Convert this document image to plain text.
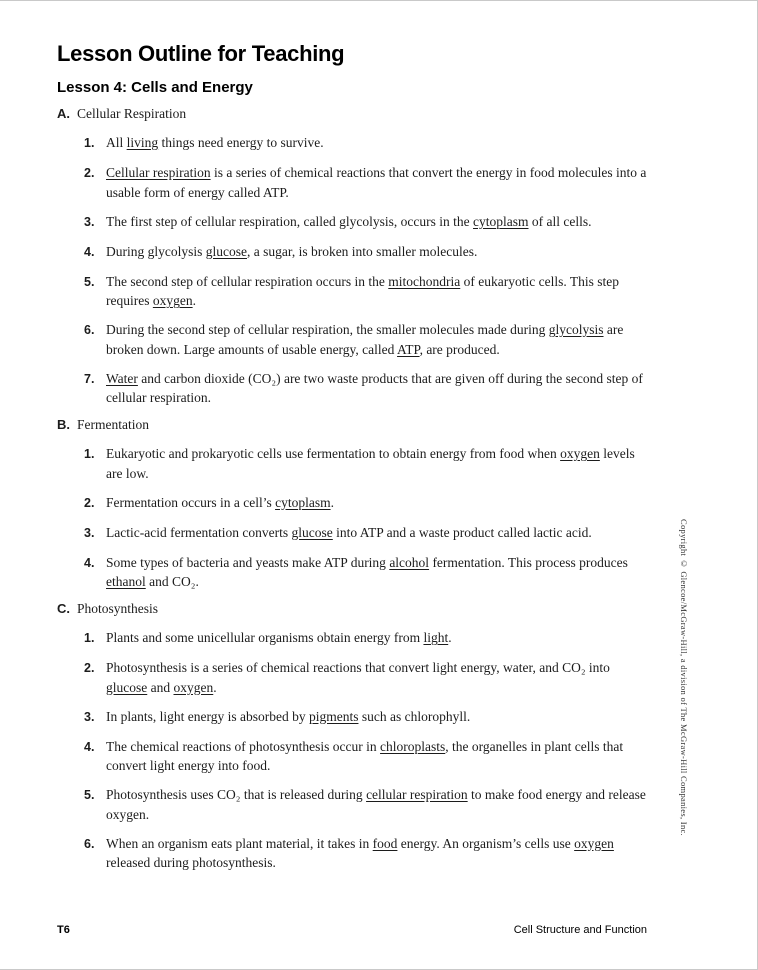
Lesson Outline for Teaching
Lesson 4: Cells and Energy
A. Cellular Respiration
1. All living things need energy to survive.
2. Cellular respiration is a series of chemical reactions that convert the energy in food molecules into a usable form of energy called ATP.
3. The first step of cellular respiration, called glycolysis, occurs in the cytoplasm of all cells.
4. During glycolysis glucose, a sugar, is broken into smaller molecules.
5. The second step of cellular respiration occurs in the mitochondria of eukaryotic cells. This step requires oxygen.
6. During the second step of cellular respiration, the smaller molecules made during glycolysis are broken down. Large amounts of usable energy, called ATP, are produced.
7. Water and carbon dioxide (CO₂) are two waste products that are given off during the second step of cellular respiration.
B. Fermentation
1. Eukaryotic and prokaryotic cells use fermentation to obtain energy from food when oxygen levels are low.
2. Fermentation occurs in a cell’s cytoplasm.
3. Lactic-acid fermentation converts glucose into ATP and a waste product called lactic acid.
4. Some types of bacteria and yeasts make ATP during alcohol fermentation. This process produces ethanol and CO₂.
C. Photosynthesis
1. Plants and some unicellular organisms obtain energy from light.
2. Photosynthesis is a series of chemical reactions that convert light energy, water, and CO₂ into glucose and oxygen.
3. In plants, light energy is absorbed by pigments such as chlorophyll.
4. The chemical reactions of photosynthesis occur in chloroplasts, the organelles in plant cells that convert light energy into food.
5. Photosynthesis uses CO₂ that is released during cellular respiration to make food energy and release oxygen.
6. When an organism eats plant material, it takes in food energy. An organism’s cells use oxygen released during photosynthesis.
Copyright © Glencoe/McGraw-Hill, a division of The McGraw-Hill Companies, Inc.
T6	Cell Structure and Function
